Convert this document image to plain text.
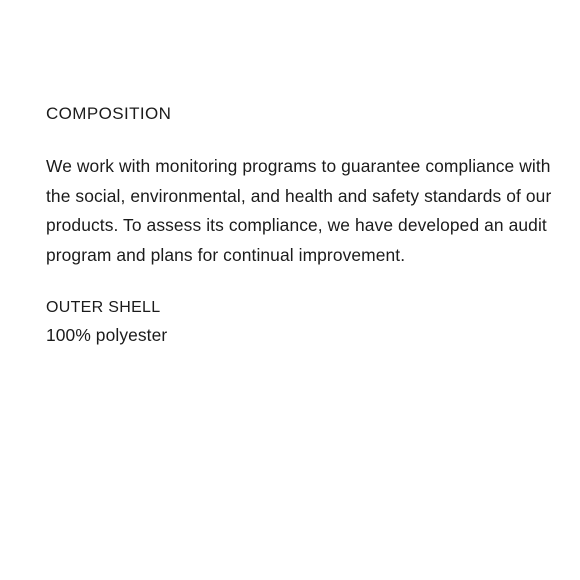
COMPOSITION

We work with monitoring programs to guarantee compliance with the social, environmental, and health and safety standards of our products. To assess its compliance, we have developed an audit program and plans for continual improvement.

OUTER SHELL
100% polyester
